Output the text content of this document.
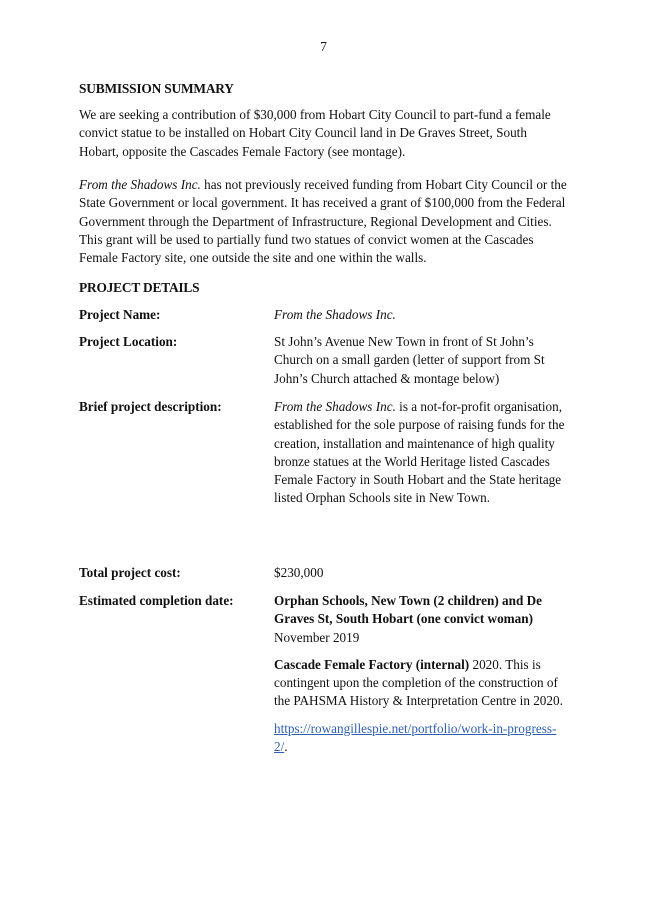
7
SUBMISSION SUMMARY

We are seeking a contribution of $30,000 from Hobart City Council to part-fund a female convict statue to be installed on Hobart City Council land in De Graves Street, South Hobart, opposite the Cascades Female Factory (see montage).

From the Shadows Inc. has not previously received funding from Hobart City Council or the State Government or local government. It has received a grant of $100,000 from the Federal Government through the Department of Infrastructure, Regional Development and Cities. This grant will be used to partially fund two statues of convict women at the Cascades Female Factory site, one outside the site and one within the walls.

PROJECT DETAILS

Project Name:	From the Shadows Inc.

Project Location:	St John’s Avenue New Town in front of St John’s Church on a small garden (letter of support from St John’s Church attached & montage below)

Brief project description:	From the Shadows Inc. is a not-for-profit organisation, established for the sole purpose of raising funds for the creation, installation and maintenance of high quality bronze statues at the World Heritage listed Cascades Female Factory in South Hobart and the State heritage listed Orphan Schools site in New Town.

Total project cost:	$230,000

Estimated completion date:	Orphan Schools, New Town (2 children) and De Graves St, South Hobart (one convict woman)
November 2019
Cascade Female Factory (internal) 2020. This is contingent upon the completion of the construction of the PAHSMA History & Interpretation Centre in 2020.
https://rowangillespie.net/portfolio/work-in-progress-2/.
